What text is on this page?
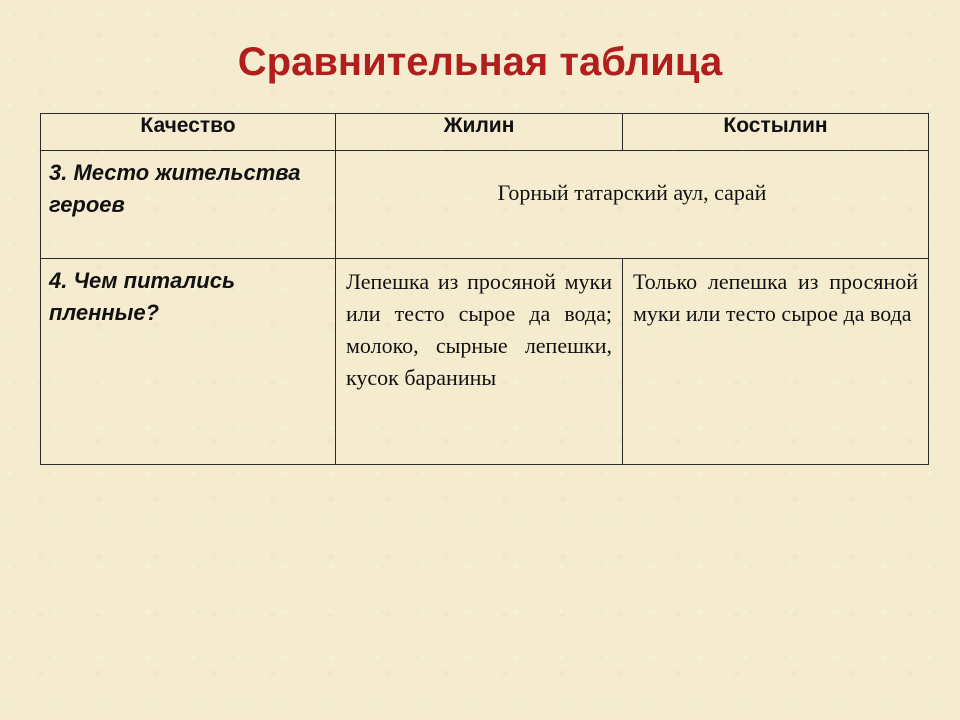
Сравнительная таблица
Качество	Жилин	Костылин
3. Место жительства героев	Горный татарский аул, сарай	
4. Чем питались пленные?	Лепешка из просяной муки или тесто сырое да вода; молоко, сырные лепешки, кусок баранины	Только лепешка из просяной муки или тесто сырое да вода
